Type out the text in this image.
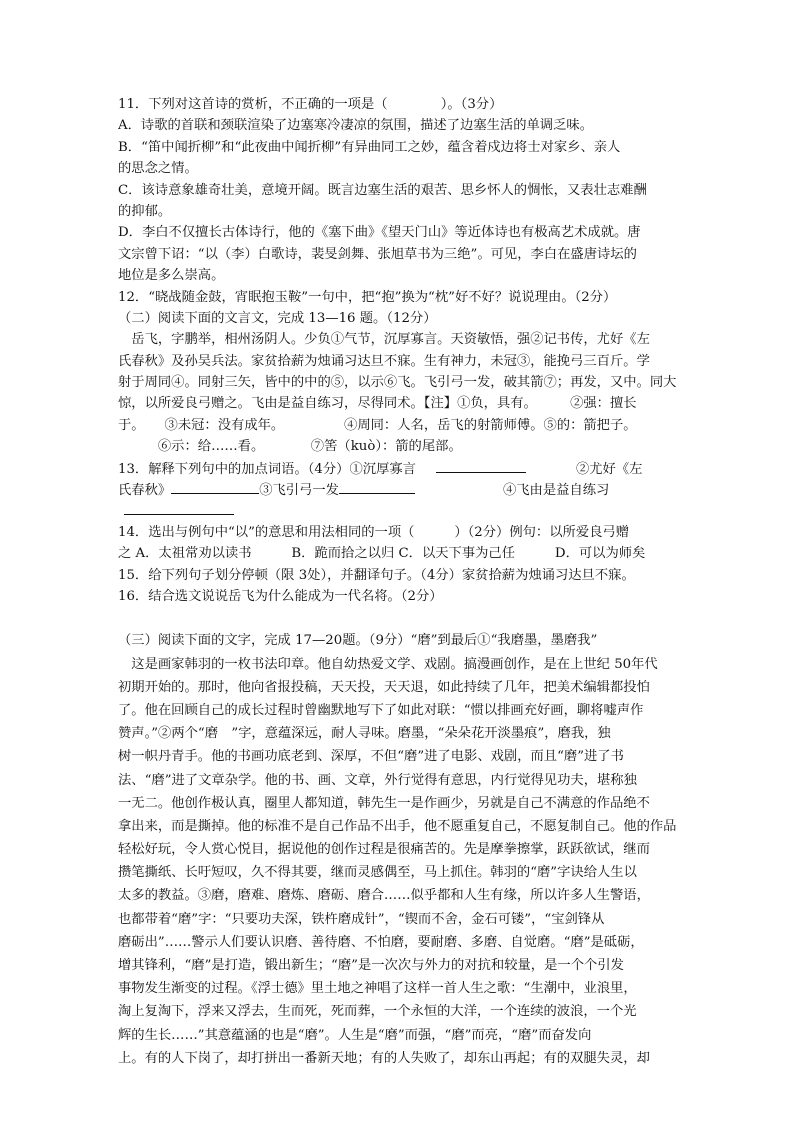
11．下列对这首诗的赏析，不正确的一项是（　　　　）。（3分）
A．诗歌的首联和颈联渲染了边塞寒冷凄凉的氛围，描述了边塞生活的单调乏味。
B．“笛中闻折柳”和“此夜曲中闻折柳”有异曲同工之妙，蕴含着戍边将士对家乡、亲人
的思念之情。
C．该诗意象雄奇壮美，意境开阔。既言边塞生活的艰苦、思乡怀人的惆怅，又表壮志难酬
的抑郁。
D．李白不仅擅长古体诗行，他的《塞下曲》《望天门山》等近体诗也有极高艺术成就。唐
文宗曾下诏：“以（李）白歌诗，裴旻剑舞、张旭草书为三绝”。可见，李白在盛唐诗坛的
地位是多么崇高。
12．“晓战随金鼓，宵眠抱玉鞍”一句中，把“抱”换为“枕”好不好？说说理由。（2分）
（二）阅读下面的文言文，完成 13—16 题。（12分）
　岳飞，字鹏举，相州汤阴人。少负①气节，沉厚寡言。天资敏悟，强②记书传，尤好《左
氏春秋》及孙吴兵法。家贫拾薪为烛诵习达旦不寐。生有神力，未冠③，能挽弓三百斤。学
射于周同④。同射三矢，皆中的中的⑤，以示⑥飞。飞引弓一发，破其箭⑦；再发，又中。同大
惊，以所爱良弓赠之。飞由是益自练习，尽得同术。【注】①负，具有。　　　②强：擅长
于。　　③未冠：没有成年。　　　　　④周同：人名，岳飞的射箭师傅。⑤的：箭把子。
　　　⑥示：给……看。　　　　⑦筈（kuò）：箭的尾部。
13．解释下列句中的加点词语。（4分）①沉厚寡言	②尤好《左
氏春秋》	③飞引弓一发	④飞由是益自练习
14．选出与例句中“以”的意思和用法相同的一项（　　　）（2分）例句：以所爱良弓赠
之 A．太祖常劝以读书　　　B．跪而拾之以归 C．以天下事为己任　　　D．可以为师矣
15．给下列句子划分停顿（限 3处），并翻译句子。（4分）家贫拾薪为烛诵习达旦不寐。
16．结合选文说说岳飞为什么能成为一代名将。（2分）
（三）阅读下面的文字，完成 17—20题。（9分）“磨”到最后①“我磨墨，墨磨我”
　这是画家韩羽的一枚书法印章。他自幼热爱文学、戏剧。搞漫画创作，是在上世纪 50年代
初期开始的。那时，他向省报投稿，天天投，天天退，如此持续了几年，把美术编辑都投怕
了。他在回顾自己的成长过程时曾幽默地写下了如此对联：“惯以排画充好画，聊将嘘声作
赞声。”②两个“磨　”字，意蕴深远，耐人寻味。磨墨，“朵朵花开淡墨痕”，磨我，独
树一帜丹青手。他的书画功底老到、深厚，不但“磨”进了电影、戏剧，而且“磨”进了书
法、“磨”进了文章杂学。他的书、画、文章，外行觉得有意思，内行觉得见功夫，堪称独
一无二。他创作极认真，圈里人都知道，韩先生一是作画少，另就是自己不满意的作品绝不
拿出来，而是撕掉。他的标准不是自己作品不出手，他不愿重复自己，不愿复制自己。他的作品
轻松好玩，令人赏心悦目，据说他的创作过程是很痛苦的。先是摩拳擦掌，跃跃欲试，继而
攒笔撕纸、长吁短叹，久不得其要，继而灵感偶至，马上抓住。韩羽的“磨”字诀给人生以
太多的教益。③磨，磨难、磨炼、磨砺、磨合……似乎都和人生有缘，所以许多人生警语，
也都带着“磨”字：“只要功夫深，铁杵磨成针”，“锲而不舍，金石可镂”，“宝剑锋从
磨砺出”……警示人们要认识磨、善待磨、不怕磨，要耐磨、多磨、自觉磨。“磨”是砥砺，
增其锋利，“磨”是打造，锻出新生；“磨”是一次次与外力的对抗和较量，是一个个引发
事物发生渐变的过程。《浮士德》里土地之神唱了这样一首人生之歌：“生潮中，业浪里，
淘上复淘下，浮来又浮去，生而死，死而葬，一个永恒的大洋，一个连续的波浪，一个光
辉的生长……”其意蕴涵的也是“磨”。人生是“磨”而强，“磨”而亮，“磨”而奋发向
上。有的人下岗了，却打拼出一番新天地；有的人失败了，却东山再起；有的双腿失灵，却
